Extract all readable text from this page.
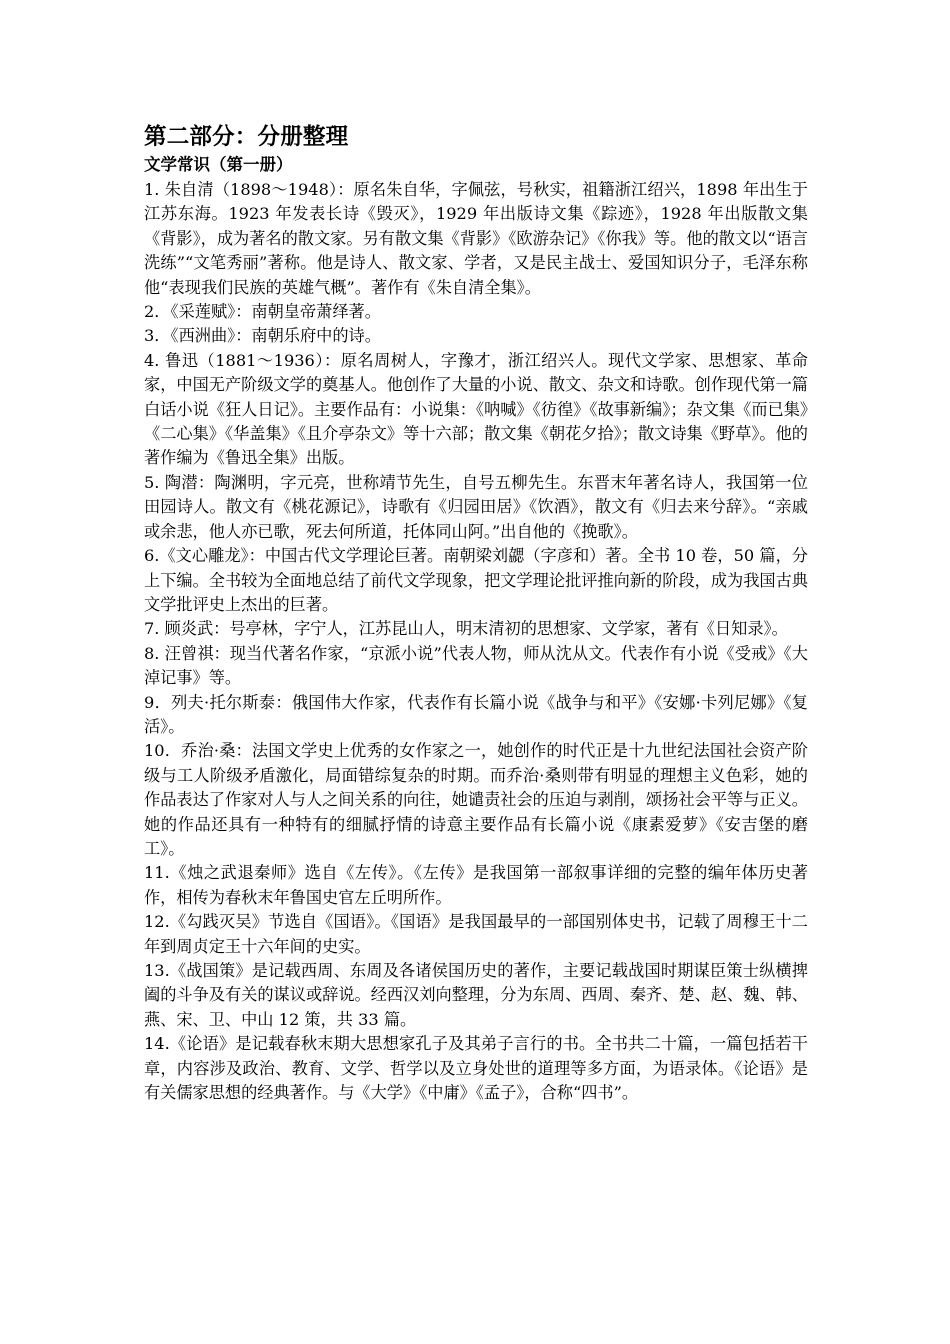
第二部分：分册整理
文学常识（第一册）

1. 朱自清（1898～1948）：原名朱自华，字佩弦，号秋实，祖籍浙江绍兴，1898 年出生于江苏东海。1923 年发表长诗《毁灭》，1929 年出版诗文集《踪迹》，1928 年出版散文集《背影》，成为著名的散文家。另有散文集《背影》《欧游杂记》《你我》等。他的散文以“语言洗练”“文笔秀丽”著称。他是诗人、散文家、学者，又是民主战士、爱国知识分子，毛泽东称他“表现我们民族的英雄气概”。著作有《朱自清全集》。

2．《采莲赋》：南朝皇帝萧绎著。

3．《西洲曲》：南朝乐府中的诗。

4. 鲁迅（1881～1936）：原名周树人，字豫才，浙江绍兴人。现代文学家、思想家、革命家，中国无产阶级文学的奠基人。他创作了大量的小说、散文、杂文和诗歌。创作现代第一篇白话小说《狂人日记》。主要作品有：小说集：《呐喊》《彷徨》《故事新编》；杂文集《而已集》《二心集》《华盖集》《且介亭杂文》等十六部；散文集《朝花夕拾》；散文诗集《野草》。他的著作编为《鲁迅全集》出版。

5. 陶潜：陶渊明，字元亮，世称靖节先生，自号五柳先生。东晋末年著名诗人，我国第一位田园诗人。散文有《桃花源记》，诗歌有《归园田居》《饮酒》，散文有《归去来兮辞》。“亲戚或余悲，他人亦已歌，死去何所道，托体同山阿。”出自他的《挽歌》。

6.《文心雕龙》：中国古代文学理论巨著。南朝梁刘勰（字彦和）著。全书 10 卷，50 篇，分上下编。全书较为全面地总结了前代文学现象，把文学理论批评推向新的阶段，成为我国古典文学批评史上杰出的巨著。

7. 顾炎武：号亭林，字宁人，江苏昆山人，明末清初的思想家、文学家，著有《日知录》。

8. 汪曾祺：现当代著名作家，“京派小说”代表人物，师从沈从文。代表作有小说《受戒》《大淖记事》等。

9．列夫·托尔斯泰：俄国伟大作家，代表作有长篇小说《战争与和平》《安娜·卡列尼娜》《复活》。

10．乔治·桑：法国文学史上优秀的女作家之一，她创作的时代正是十九世纪法国社会资产阶级与工人阶级矛盾激化，局面错综复杂的时期。而乔治·桑则带有明显的理想主义色彩，她的作品表达了作家对人与人之间关系的向往，她谴责社会的压迫与剥削，颂扬社会平等与正义。她的作品还具有一种特有的细腻抒情的诗意主要作品有长篇小说《康素爱萝》《安吉堡的磨工》。

11.《烛之武退秦师》选自《左传》。《左传》是我国第一部叙事详细的完整的编年体历史著作，相传为春秋末年鲁国史官左丘明所作。

12.《勾践灭吴》节选自《国语》。《国语》是我国最早的一部国别体史书，记载了周穆王十二年到周贞定王十六年间的史实。

13.《战国策》是记载西周、东周及各诸侯国历史的著作，主要记载战国时期谋臣策士纵横捭阖的斗争及有关的谋议或辞说。经西汉刘向整理，分为东周、西周、秦齐、楚、赵、魏、韩、燕、宋、卫、中山 12 策，共 33 篇。

14.《论语》是记载春秋末期大思想家孔子及其弟子言行的书。全书共二十篇，一篇包括若干章，内容涉及政治、教育、文学、哲学以及立身处世的道理等多方面，为语录体。《论语》是有关儒家思想的经典著作。与《大学》《中庸》《孟子》，合称“四书”。
